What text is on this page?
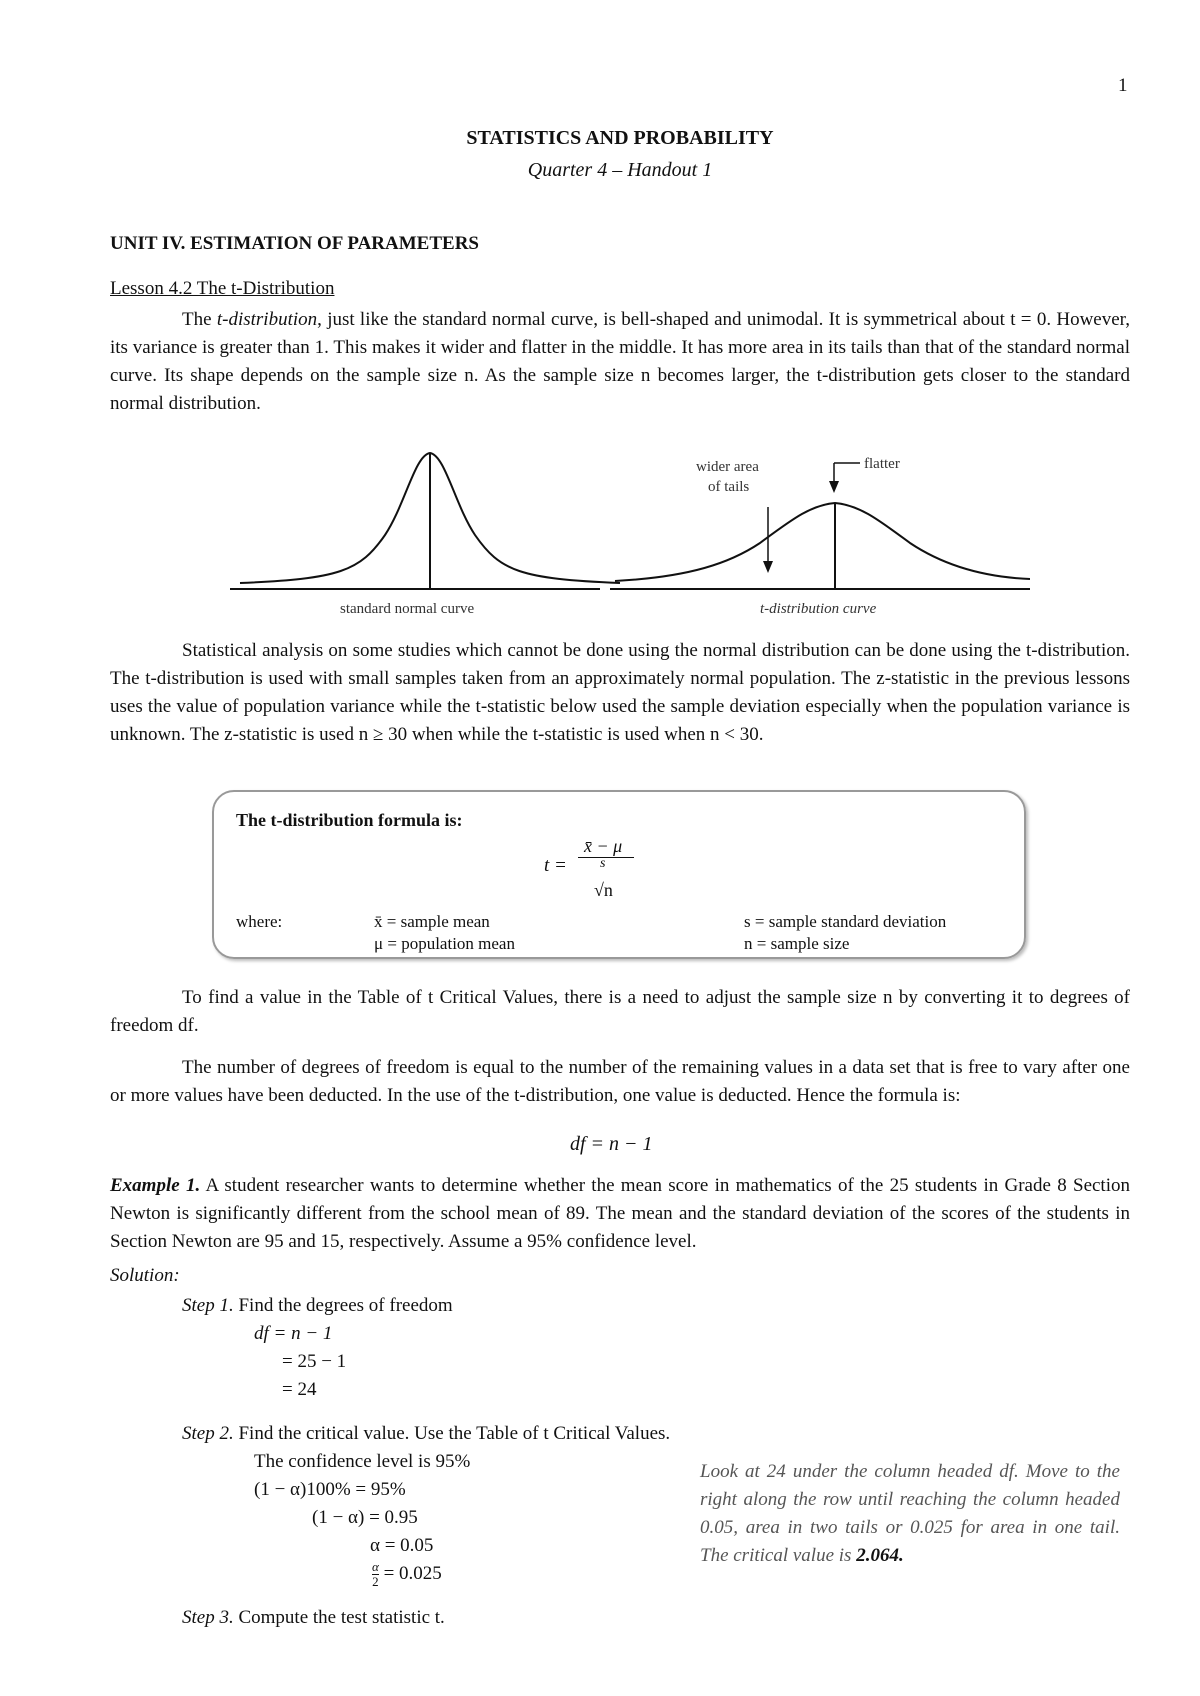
1
STATISTICS AND PROBABILITY
Quarter 4 – Handout 1
UNIT IV. ESTIMATION OF PARAMETERS
Lesson 4.2 The t-Distribution
The t-distribution, just like the standard normal curve, is bell-shaped and unimodal. It is symmetrical about t = 0. However, its variance is greater than 1. This makes it wider and flatter in the middle. It has more area in its tails than that of the standard normal curve. Its shape depends on the sample size n. As the sample size n becomes larger, the t-distribution gets closer to the standard normal distribution.
wider area
of tails
flatter
standard normal curve	t-distribution curve
Statistical analysis on some studies which cannot be done using the normal distribution can be done using the t-distribution. The t-distribution is used with small samples taken from an approximately normal population. The z-statistic in the previous lessons uses the value of population variance while the t-statistic below used the sample deviation especially when the population variance is unknown. The z-statistic is used n ≥ 30 when while the t-statistic is used when n < 30.
The t-distribution formula is:
t =
x̄ − μ
s
√n
where:	x̄ = sample mean
μ = population mean
s = sample standard deviation
n = sample size
To find a value in the Table of t Critical Values, there is a need to adjust the sample size n by converting it to degrees of freedom df.
The number of degrees of freedom is equal to the number of the remaining values in a data set that is free to vary after one or more values have been deducted. In the use of the t-distribution, one value is deducted. Hence the formula is:
df = n − 1
Example 1. A student researcher wants to determine whether the mean score in mathematics of the 25 students in Grade 8 Section Newton is significantly different from the school mean of 89. The mean and the standard deviation of the scores of the students in Section Newton are 95 and 15, respectively. Assume a 95% confidence level.
Solution:
Step 1. Find the degrees of freedom
df = n − 1
= 25 − 1
= 24
Step 2. Find the critical value. Use the Table of t Critical Values.
The confidence level is 95%
(1 − α)100% = 95%
(1 − α) = 0.95
α = 0.05
$\frac{\alpha}{2} = 0.025$
Look at 24 under the column headed df. Move to the right along the row until reaching the column headed 0.05, area in two tails or 0.025 for area in one tail. The critical value is 2.064.
Step 3. Compute the test statistic t.
